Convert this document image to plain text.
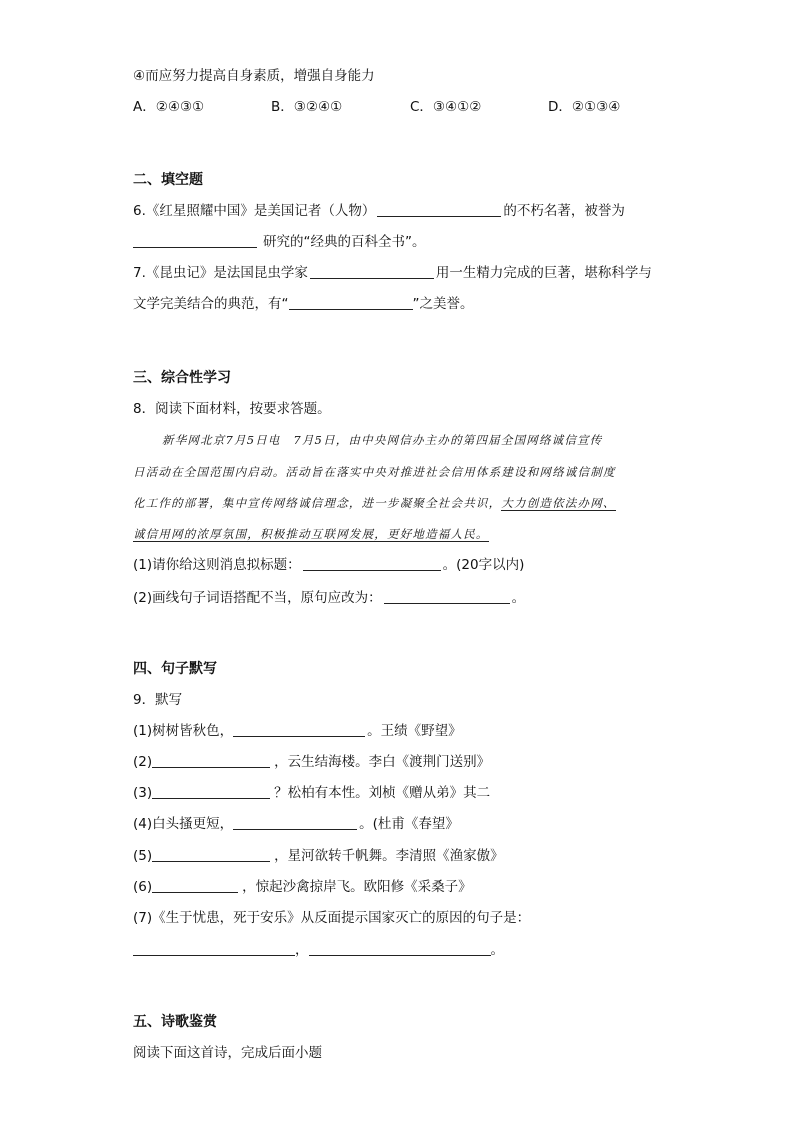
④而应努力提高自身素质，增强自身能力
A．②④③①	B．③②④①	C．③④①②	D．②①③④
二、填空题
6.《红星照耀中国》是美国记者（人物）	的不朽名著，被誉为
研究的“经典的百科全书”。
7.《昆虫记》是法国昆虫学家	用一生精力完成的巨著，堪称科学与
文学完美结合的典范，有“	”之美誉。
三、综合性学习
8．阅读下面材料，按要求答题。
新华网北京7月5日电　7月5日，由中央网信办主办的第四届全国网络诚信宣传
日活动在全国范围内启动。活动旨在落实中央对推进社会信用体系建设和网络诚信制度
化工作的部署，集中宣传网络诚信理念，进一步凝聚全社会共识，大力创造依法办网、
诚信用网的浓厚氛围，积极推动互联网发展，更好地造福人民。
(1)请你给这则消息拟标题：	。(20字以内)
(2)画线句子词语搭配不当，原句应改为：	。
四、句子默写
9．默写
(1)树树皆秋色，	。王绩《野望》
(2)	，云生结海楼。李白《渡荆门送别》
(3)	？松柏有本性。刘桢《赠从弟》其二
(4)白头搔更短，	。(杜甫《春望》
(5)	，星河欲转千帆舞。李清照《渔家傲》
(6)	，惊起沙禽掠岸飞。欧阳修《采桑子》
(7)《生于忧患，死于安乐》从反面提示国家灭亡的原因的句子是：
，	。
五、诗歌鉴赏
阅读下面这首诗，完成后面小题
